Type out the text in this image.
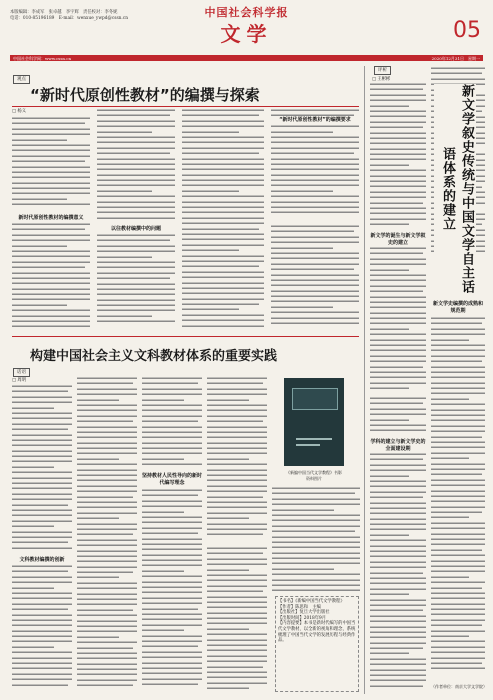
本版编辑：李成军　张卓越　李宇辉　责任校对：李冬妮
电话：010-85196189　E-mail：wenxue_ywpd@cssn.cn	中国社会科学报
文学	05
中国社会科学网：www.cssn.cn	2020年12月31日　星期一
观点
“新时代原创性教材”的编撰与探索
□ 杨义
新时代原创性教材的编撰意义
以往教材编撰中的问题
“新时代原创性教材”的编撰要求
构建中国社会主义文科教材体系的重要实践
话语
□ 周明
文科教材编撰的创新
坚持教材人民性导向的新时代编写理念
《新编中国当代文学教程》书影
资料图片
【书名】《新编中国当代文学教程》
【作者】陈思和　主编
【出版社】复旦大学出版社
【出版时间】2018年9月
【内容提要】本书是新时代编写的中国当代文学教材，以全新的视角和理念，系统梳理了中国当代文学的发展历程与经典作品。
评析
□ 王彬彬
新文学叙史传统与中国文学自主话语体系的建立
新文学的诞生与新文学叙史的建立
学科的建立与新文学史的全面建设期
新文学史编撰的成熟和规范期
（作者单位：南京大学文学院）
